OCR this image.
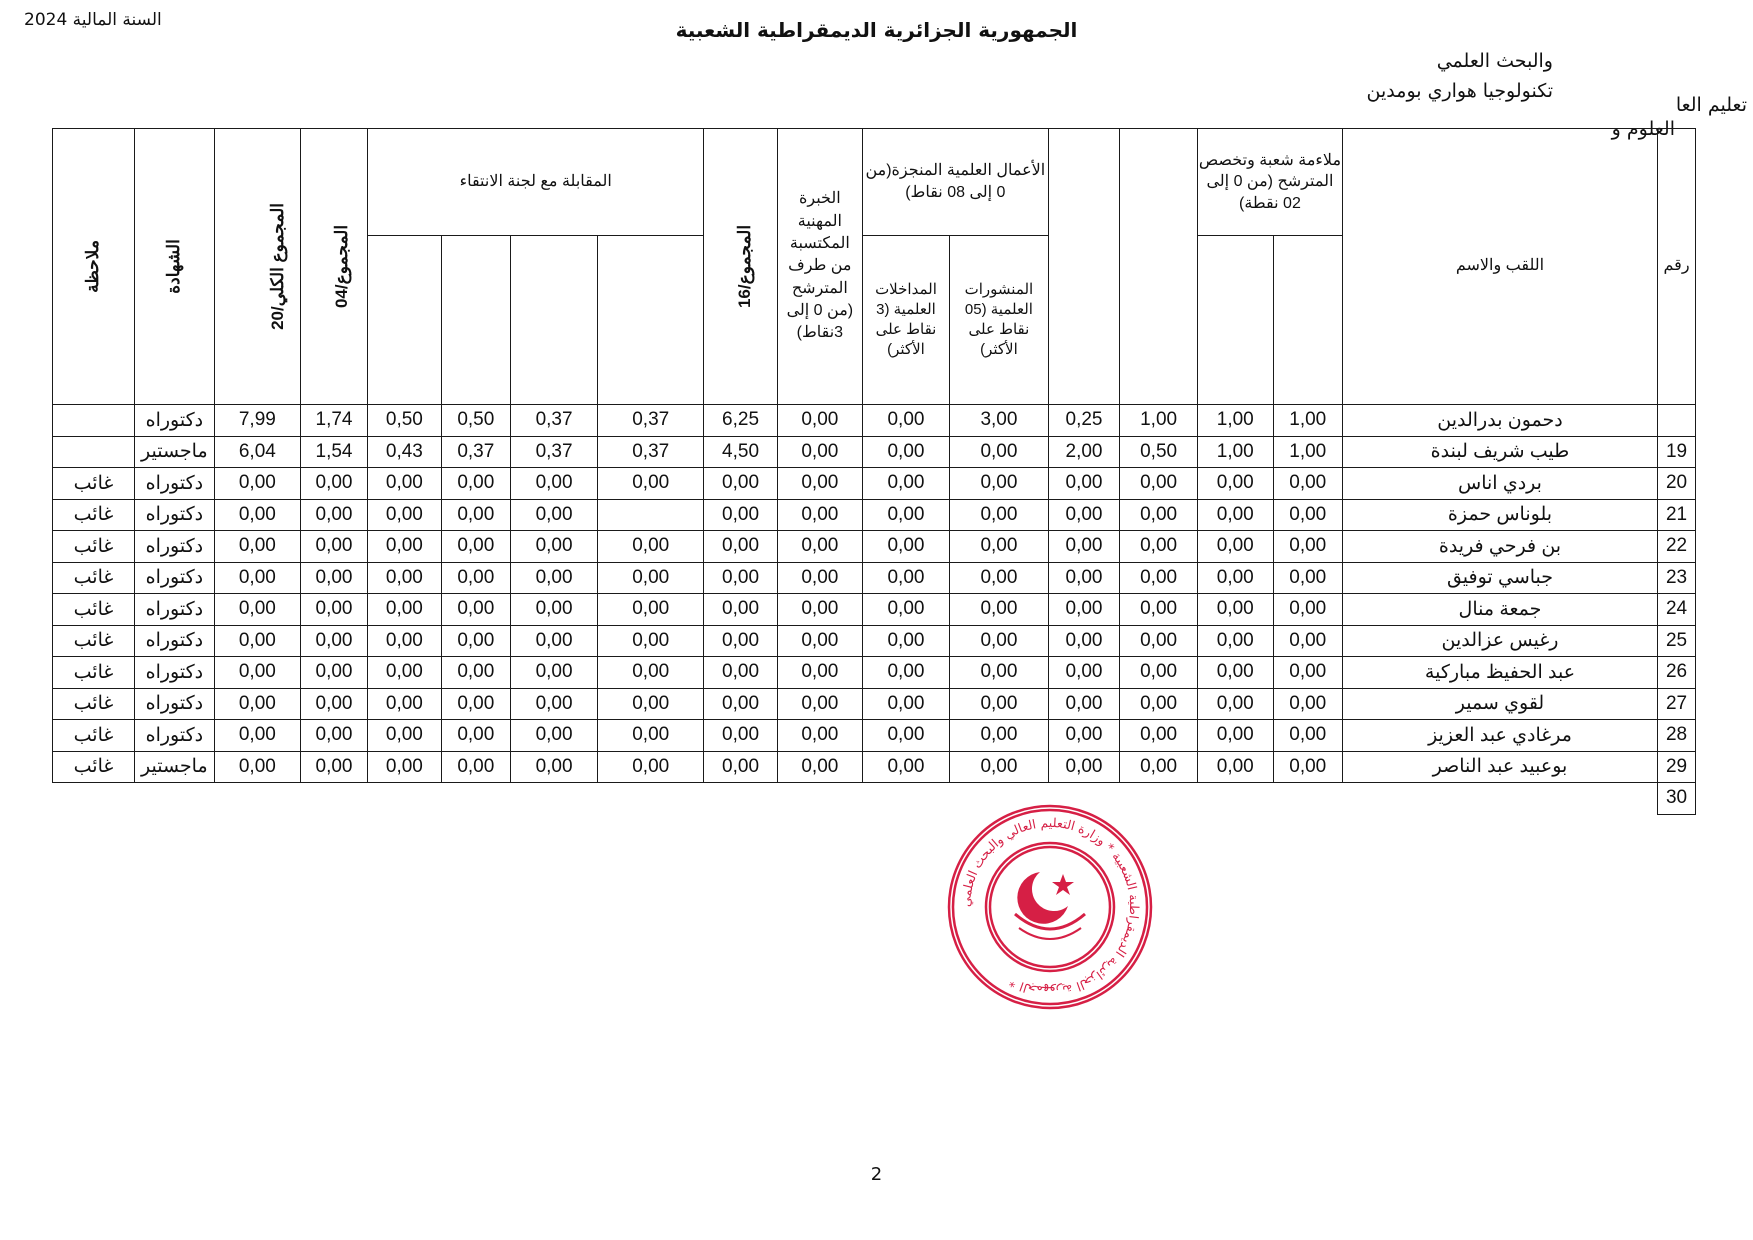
السنة المالية 2024	الجمهورية الجزائرية الديمقراطية الشعبية
والبحث العلمي
تكنولوجيا هواري بومدين
تعليم العا
العلوم و
ملاحظة	الشهادة	المجموع الكلي/20	المجموع/04	المقابلة مع لجنة الانتقاء				المجموع/16	الخبرة المهنية المكتسبة من طرف المترشح (من 0 إلى 3نقاط)	الأعمال العلمية المنجزة(من 0 إلى 08 نقاط)				ملاءمة شعبة وتخصص المترشح (من 0 إلى 02 نقطة)		اللقب والاسم	رقم
				المداخلات العلمية (3 نقاط على الأكثر)	المنشورات العلمية (05 نقاط على الأكثر)		
	دكتوراه	7,99	1,74	0,50	0,50	0,37	0,37	6,25	0,00	0,00	3,00	0,25	1,00	1,00	1,00	دحمون بدرالدين	
	ماجستير	6,04	1,54	0,43	0,37	0,37	0,37	4,50	0,00	0,00	0,00	2,00	0,50	1,00	1,00	طيب شريف لبندة	19
غائب	دكتوراه	0,00	0,00	0,00	0,00	0,00	0,00	0,00	0,00	0,00	0,00	0,00	0,00	0,00	0,00	بردي اناس	20
غائب	دكتوراه	0,00	0,00	0,00	0,00	0,00		0,00	0,00	0,00	0,00	0,00	0,00	0,00	0,00	بلوناس حمزة	21
غائب	دكتوراه	0,00	0,00	0,00	0,00	0,00	0,00	0,00	0,00	0,00	0,00	0,00	0,00	0,00	0,00	بن فرحي فريدة	22
غائب	دكتوراه	0,00	0,00	0,00	0,00	0,00	0,00	0,00	0,00	0,00	0,00	0,00	0,00	0,00	0,00	جباسي توفيق	23
غائب	دكتوراه	0,00	0,00	0,00	0,00	0,00	0,00	0,00	0,00	0,00	0,00	0,00	0,00	0,00	0,00	جمعة منال	24
غائب	دكتوراه	0,00	0,00	0,00	0,00	0,00	0,00	0,00	0,00	0,00	0,00	0,00	0,00	0,00	0,00	رغيس عزالدين	25
غائب	دكتوراه	0,00	0,00	0,00	0,00	0,00	0,00	0,00	0,00	0,00	0,00	0,00	0,00	0,00	0,00	عبد الحفيظ مباركية	26
غائب	دكتوراه	0,00	0,00	0,00	0,00	0,00	0,00	0,00	0,00	0,00	0,00	0,00	0,00	0,00	0,00	لقوي سمير	27
غائب	دكتوراه	0,00	0,00	0,00	0,00	0,00	0,00	0,00	0,00	0,00	0,00	0,00	0,00	0,00	0,00	مرغادي عبد العزيز	28
غائب	ماجستير	0,00	0,00	0,00	0,00	0,00	0,00	0,00	0,00	0,00	0,00	0,00	0,00	0,00	0,00	بوعبيد عبد الناصر	29
																	30
الجمهورية الجزائرية الديمقراطية الشعبية * وزارة التعليم العالي والبحث العلمي *
2
